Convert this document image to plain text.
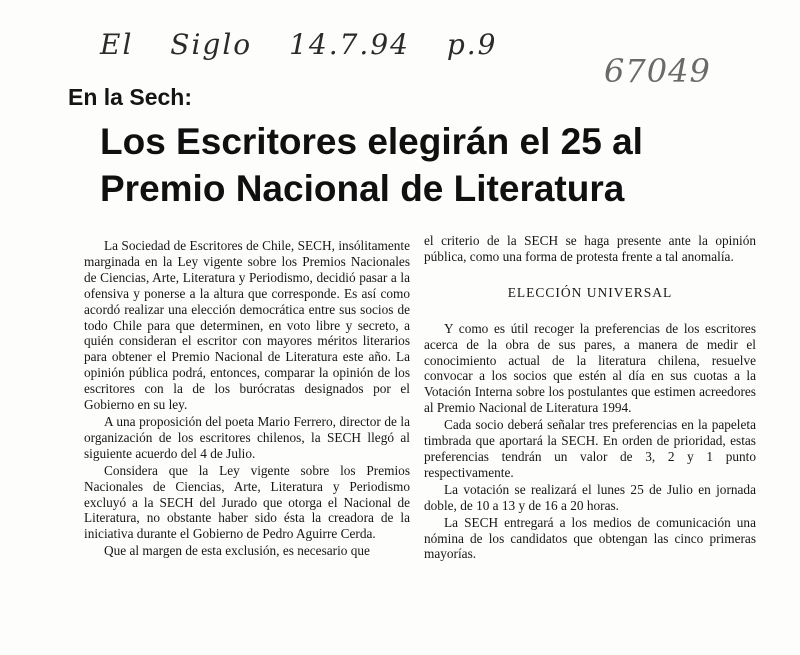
El Siglo 14.7.94 p.9
67049
En la Sech:
Los Escritores elegirán el 25 al Premio Nacional de Literatura

La Sociedad de Escritores de Chile, SECH, insólitamente marginada en la Ley vigente sobre los Premios Nacionales de Ciencias, Arte, Literatura y Periodismo, decidió pasar a la ofensiva y ponerse a la altura que corresponde. Es así como acordó realizar una elección democrática entre sus socios de todo Chile para que determinen, en voto libre y secreto, a quién consideran el escritor con mayores méritos literarios para obtener el Premio Nacional de Literatura este año. La opinión pública podrá, entonces, comparar la opinión de los escritores con la de los burócratas designados por el Gobierno en su ley.

A una proposición del poeta Mario Ferrero, director de la organización de los escritores chilenos, la SECH llegó al siguiente acuerdo del 4 de Julio.

Considera que la Ley vigente sobre los Premios Nacionales de Ciencias, Arte, Literatura y Periodismo excluyó a la SECH del Jurado que otorga el Nacional de Literatura, no obstante haber sido ésta la creadora de la iniciativa durante el Gobierno de Pedro Aguirre Cerda.

Que al margen de esta exclusión, es necesario que

el criterio de la SECH se haga presente ante la opinión pública, como una forma de protesta frente a tal anomalía.

ELECCIÓN UNIVERSAL

Y como es útil recoger la preferencias de los escritores acerca de la obra de sus pares, a manera de medir el conocimiento actual de la literatura chilena, resuelve convocar a los socios que estén al día en sus cuotas a la Votación Interna sobre los postulantes que estimen acreedores al Premio Nacional de Literatura 1994.

Cada socio deberá señalar tres preferencias en la papeleta timbrada que aportará la SECH. En orden de prioridad, estas preferencias tendrán un valor de 3, 2 y 1 punto respectivamente.

La votación se realizará el lunes 25 de Julio en jornada doble, de 10 a 13 y de 16 a 20 horas.

La SECH entregará a los medios de comunicación una nómina de los candidatos que obtengan las cinco primeras mayorías.
